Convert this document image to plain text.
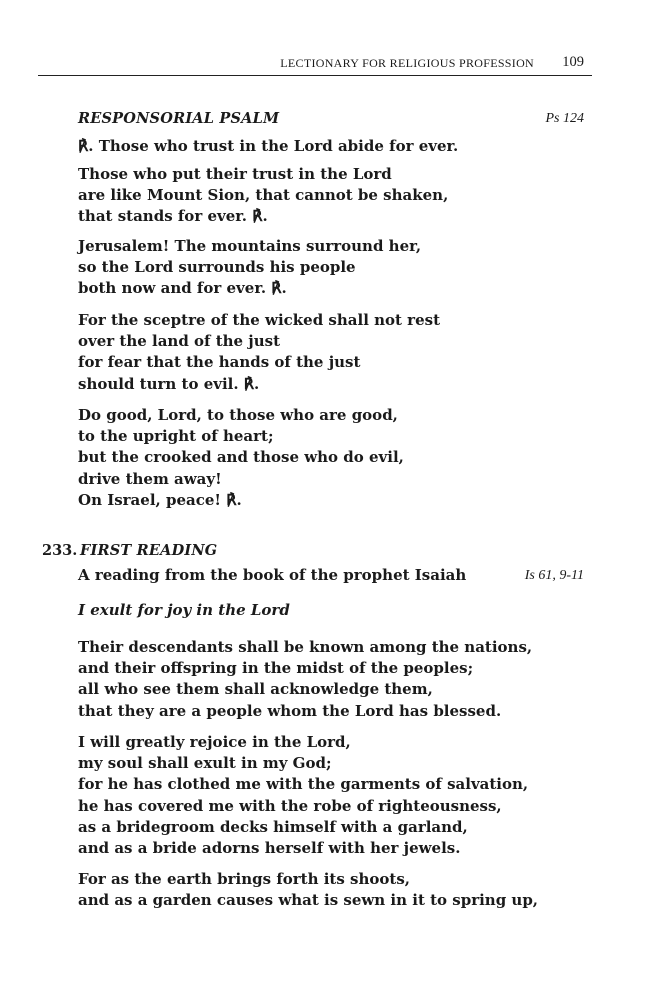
LECTIONARY FOR RELIGIOUS PROFESSION 109
RESPONSORIAL PSALM	Ps 124
℟. Those who trust in the Lord abide for ever.
Those who put their trust in the Lord
are like Mount Sion, that cannot be shaken,
that stands for ever. ℟.
Jerusalem! The mountains surround her,
so the Lord surrounds his people
both now and for ever. ℟.
For the sceptre of the wicked shall not rest
over the land of the just
for fear that the hands of the just
should turn to evil. ℟.
Do good, Lord, to those who are good,
to the upright of heart;
but the crooked and those who do evil,
drive them away!
On Israel, peace! ℟.
233. FIRST READING
A reading from the book of the prophet Isaiah	Is 61, 9-11
I exult for joy in the Lord
Their descendants shall be known among the nations,
and their offspring in the midst of the peoples;
all who see them shall acknowledge them,
that they are a people whom the Lord has blessed.
I will greatly rejoice in the Lord,
my soul shall exult in my God;
for he has clothed me with the garments of salvation,
he has covered me with the robe of righteousness,
as a bridegroom decks himself with a garland,
and as a bride adorns herself with her jewels.
For as the earth brings forth its shoots,
and as a garden causes what is sewn in it to spring up,
